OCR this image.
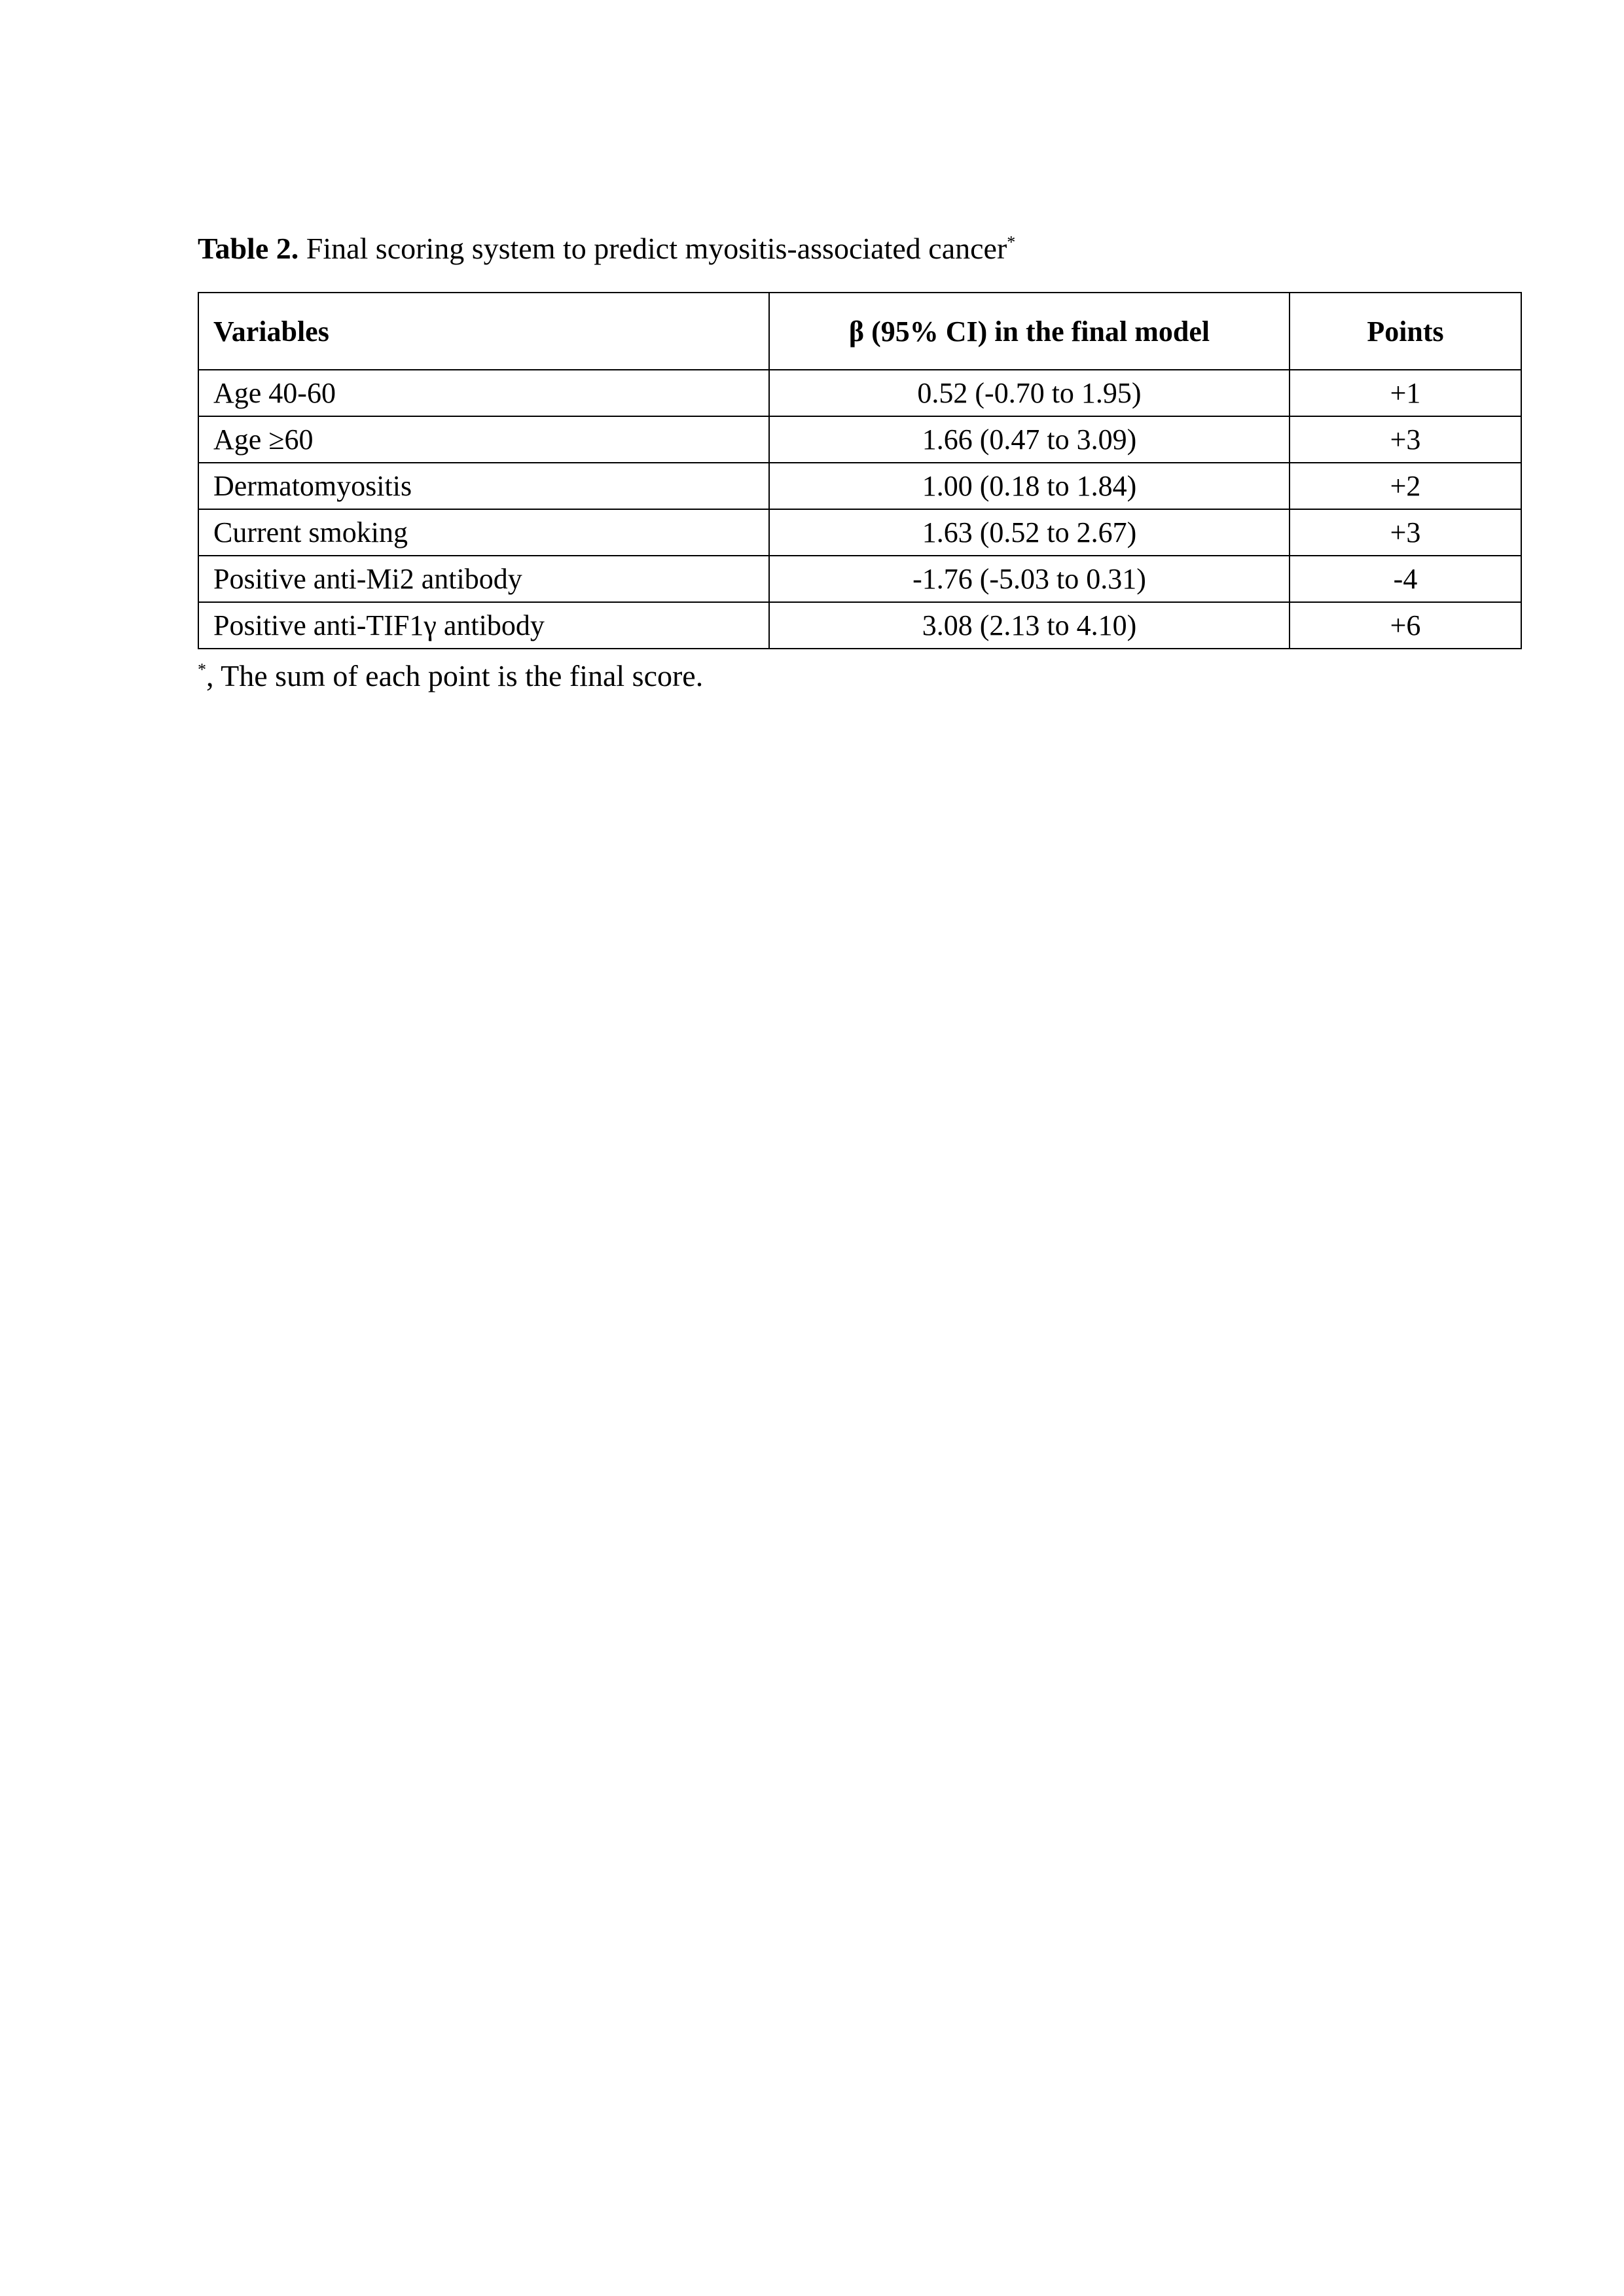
Table 2. Final scoring system to predict myositis-associated cancer*
Variables	β (95% CI) in the final model	Points
Age 40-60	0.52 (-0.70 to 1.95)	+1
Age ≥60	1.66 (0.47 to 3.09)	+3
Dermatomyositis	1.00 (0.18 to 1.84)	+2
Current smoking	1.63 (0.52 to 2.67)	+3
Positive anti-Mi2 antibody	-1.76 (-5.03 to 0.31)	-4
Positive anti-TIF1γ antibody	3.08 (2.13 to 4.10)	+6
*, The sum of each point is the final score.
